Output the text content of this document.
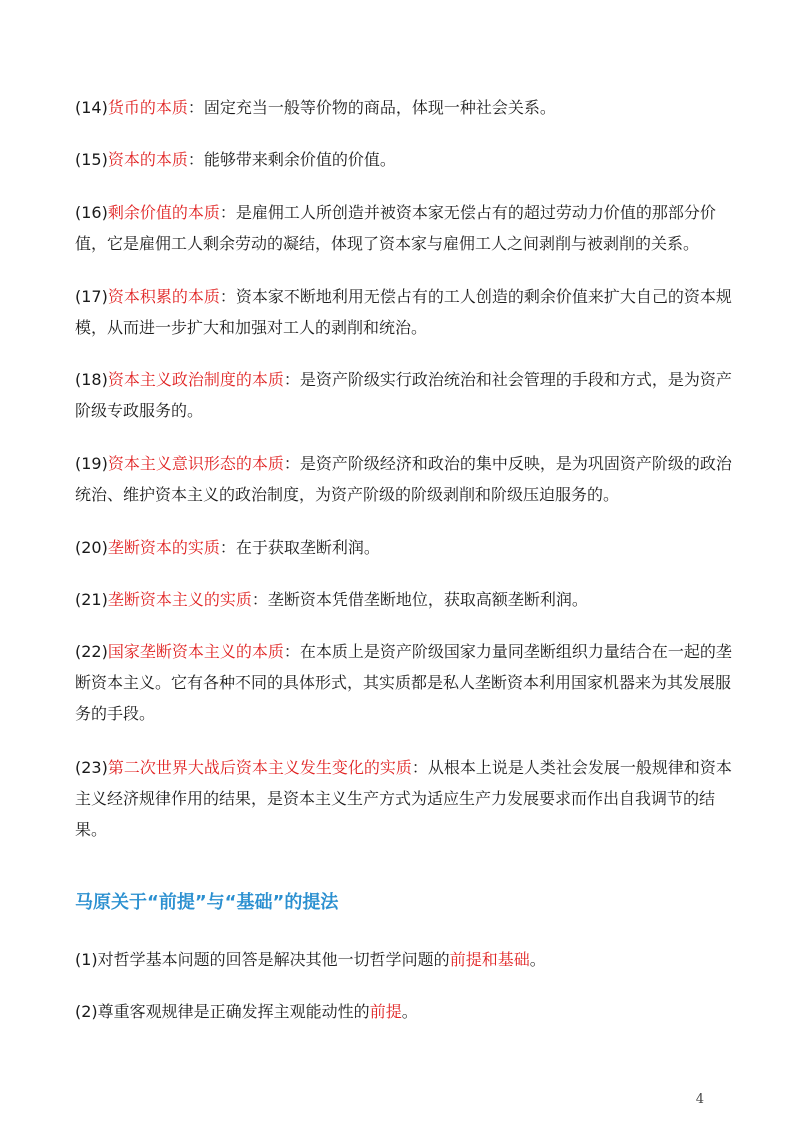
(14)货币的本质：固定充当一般等价物的商品，体现一种社会关系。

(15)资本的本质：能够带来剩余价值的价值。

(16)剩余价值的本质：是雇佣工人所创造并被资本家无偿占有的超过劳动力价值的那部分价值，它是雇佣工人剩余劳动的凝结，体现了资本家与雇佣工人之间剥削与被剥削的关系。

(17)资本积累的本质：资本家不断地利用无偿占有的工人创造的剩余价值来扩大自己的资本规模，从而进一步扩大和加强对工人的剥削和统治。

(18)资本主义政治制度的本质：是资产阶级实行政治统治和社会管理的手段和方式，是为资产阶级专政服务的。

(19)资本主义意识形态的本质：是资产阶级经济和政治的集中反映，是为巩固资产阶级的政治统治、维护资本主义的政治制度，为资产阶级的阶级剥削和阶级压迫服务的。

(20)垄断资本的实质：在于获取垄断利润。

(21)垄断资本主义的实质：垄断资本凭借垄断地位，获取高额垄断利润。

(22)国家垄断资本主义的本质：在本质上是资产阶级国家力量同垄断组织力量结合在一起的垄断资本主义。它有各种不同的具体形式，其实质都是私人垄断资本利用国家机器来为其发展服务的手段。

(23)第二次世界大战后资本主义发生变化的实质：从根本上说是人类社会发展一般规律和资本主义经济规律作用的结果，是资本主义生产方式为适应生产力发展要求而作出自我调节的结果。

马原关于“前提”与“基础”的提法

(1)对哲学基本问题的回答是解决其他一切哲学问题的前提和基础。

(2)尊重客观规律是正确发挥主观能动性的前提。

4
